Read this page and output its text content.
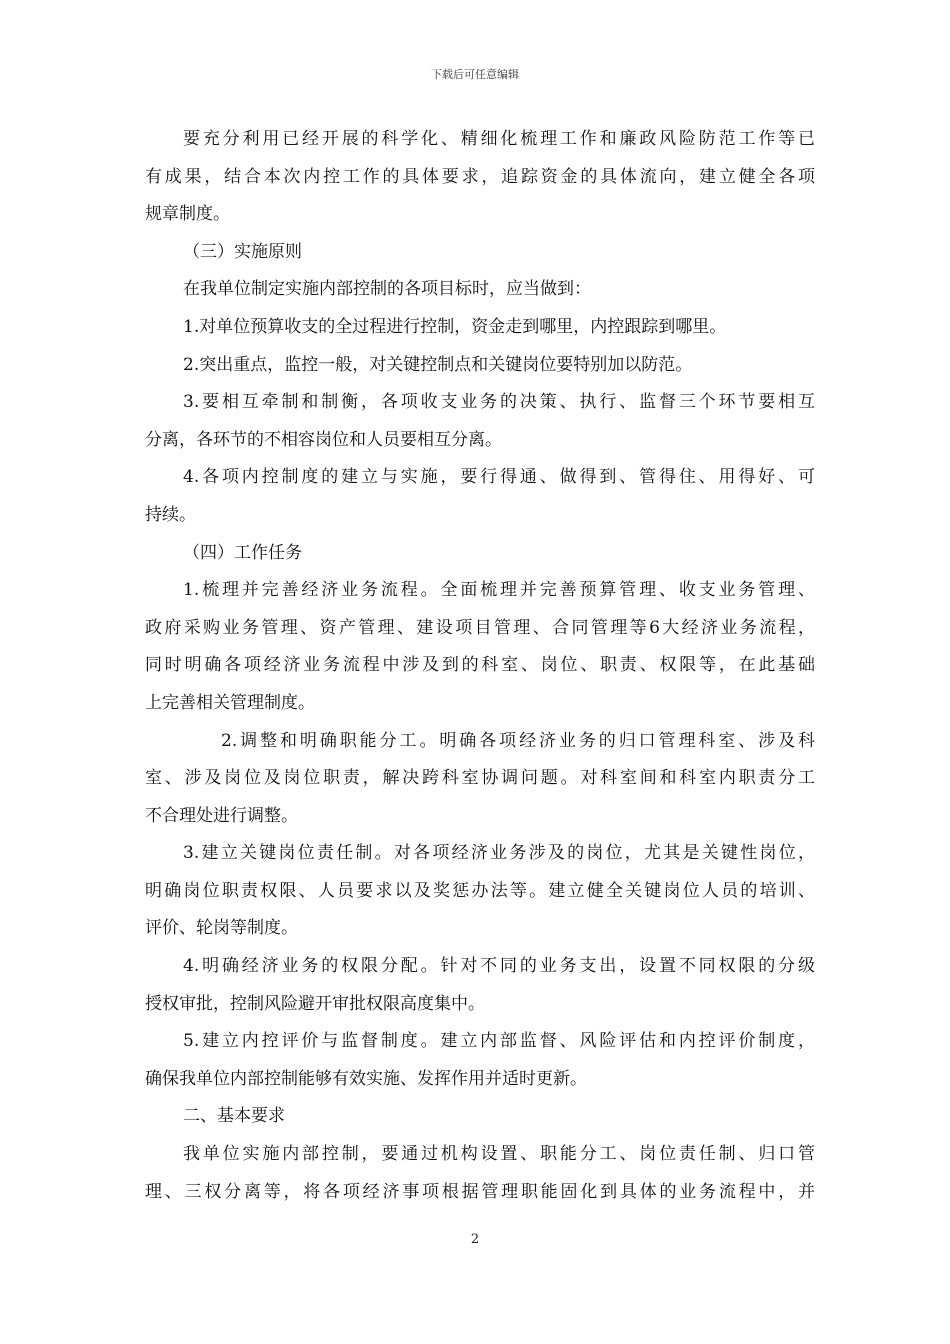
下载后可任意编辑
要充分利用已经开展的科学化、精细化梳理工作和廉政风险防范工作等已
有成果，结合本次内控工作的具体要求，追踪资金的具体流向，建立健全各项
规章制度。
（三）实施原则
在我单位制定实施内部控制的各项目标时，应当做到：
1.对单位预算收支的全过程进行控制，资金走到哪里，内控跟踪到哪里。
2.突出重点，监控一般，对关键控制点和关键岗位要特别加以防范。
3.要相互牵制和制衡，各项收支业务的决策、执行、监督三个环节要相互
分离，各环节的不相容岗位和人员要相互分离。
4.各项内控制度的建立与实施，要行得通、做得到、管得住、用得好、可
持续。
（四）工作任务
1.梳理并完善经济业务流程。全面梳理并完善预算管理、收支业务管理、
政府采购业务管理、资产管理、建设项目管理、合同管理等6大经济业务流程，
同时明确各项经济业务流程中涉及到的科室、岗位、职责、权限等，在此基础
上完善相关管理制度。
2.调整和明确职能分工。明确各项经济业务的归口管理科室、涉及科
室、涉及岗位及岗位职责，解决跨科室协调问题。对科室间和科室内职责分工
不合理处进行调整。
3.建立关键岗位责任制。对各项经济业务涉及的岗位，尤其是关键性岗位，
明确岗位职责权限、人员要求以及奖惩办法等。建立健全关键岗位人员的培训、
评价、轮岗等制度。
4.明确经济业务的权限分配。针对不同的业务支出，设置不同权限的分级
授权审批，控制风险避开审批权限高度集中。
5.建立内控评价与监督制度。建立内部监督、风险评估和内控评价制度，
确保我单位内部控制能够有效实施、发挥作用并适时更新。
二、基本要求
我单位实施内部控制，要通过机构设置、职能分工、岗位责任制、归口管
理、三权分离等，将各项经济事项根据管理职能固化到具体的业务流程中，并
2
